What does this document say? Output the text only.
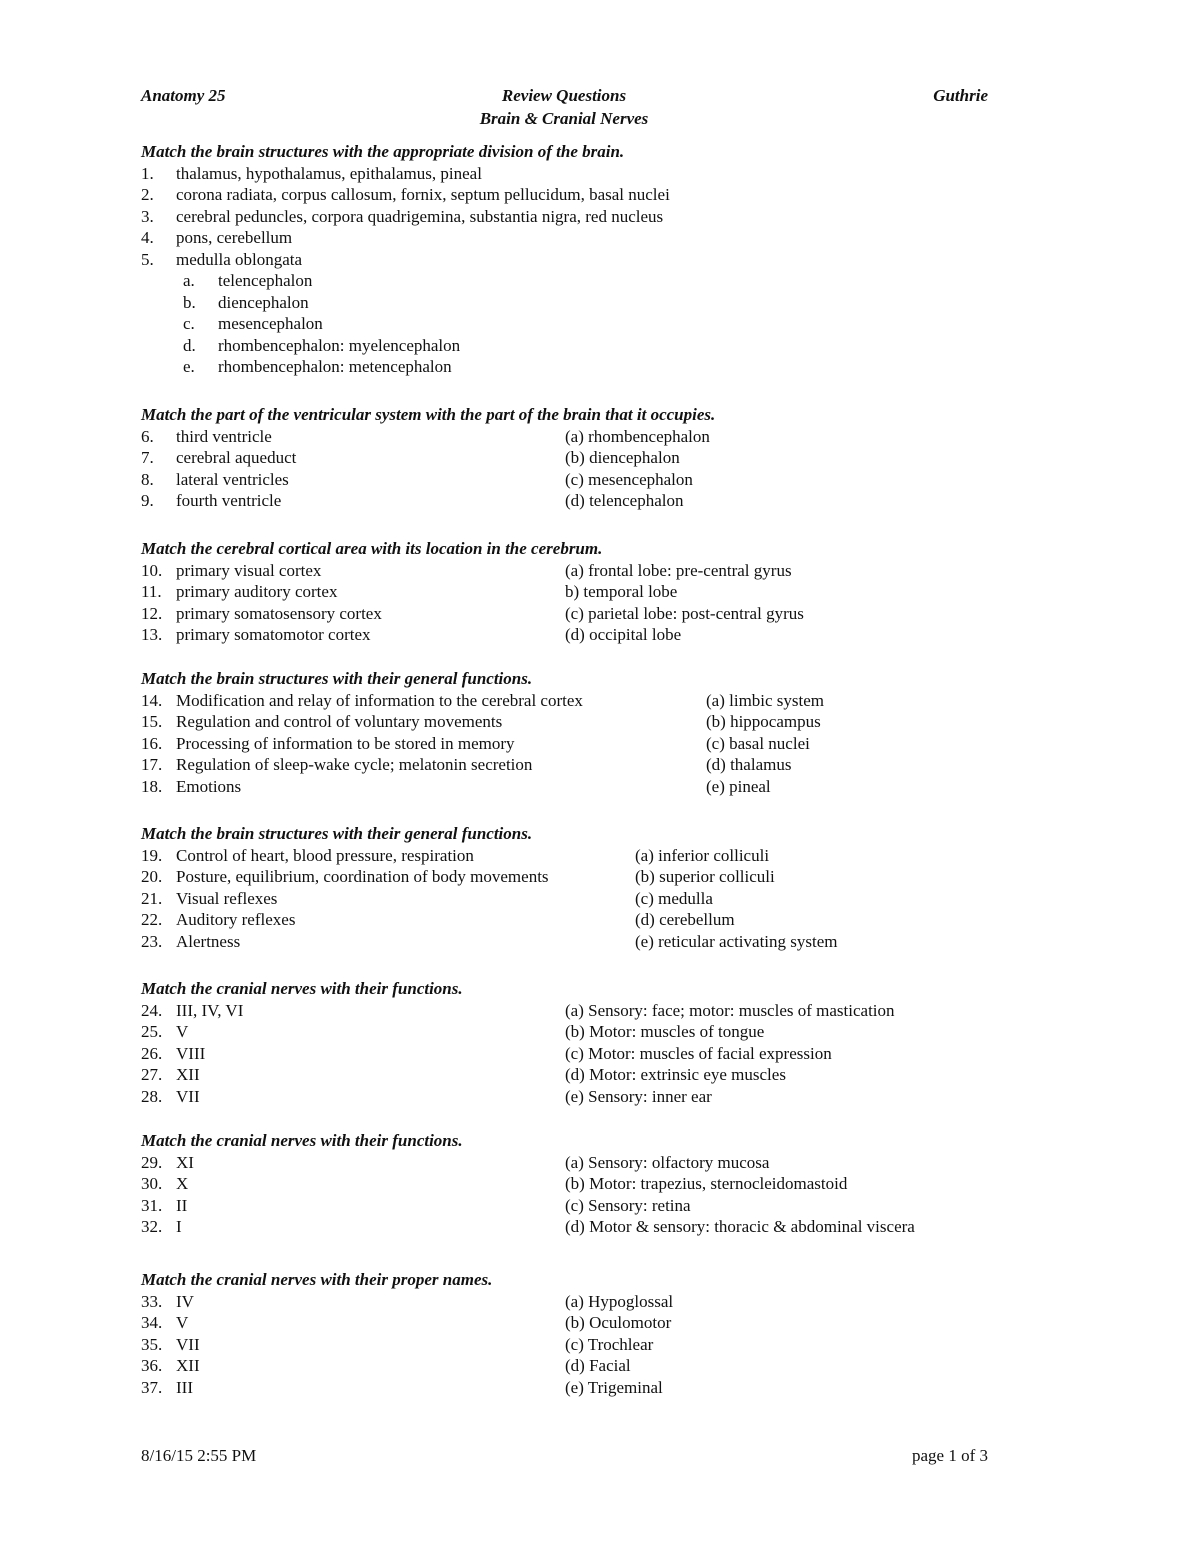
Anatomy 25	Review Questions	Guthrie
Brain & Cranial Nerves
Match the brain structures with the appropriate division of the brain.
1. thalamus, hypothalamus, epithalamus, pineal
2. corona radiata, corpus callosum, fornix, septum pellucidum, basal nuclei
3. cerebral peduncles, corpora quadrigemina, substantia nigra, red nucleus
4. pons, cerebellum
5. medulla oblongata
a. telencephalon
b. diencephalon
c. mesencephalon
d. rhombencephalon: myelencephalon
e. rhombencephalon: metencephalon
Match the part of the ventricular system with the part of the brain that it occupies.
6. third ventricle	(a) rhombencephalon
7. cerebral aqueduct	(b) diencephalon
8. lateral ventricles	(c) mesencephalon
9. fourth ventricle	(d) telencephalon
Match the cerebral cortical area with its location in the cerebrum.
10. primary visual cortex	(a) frontal lobe: pre-central gyrus
11. primary auditory cortex	b) temporal lobe
12. primary somatosensory cortex	(c) parietal lobe: post-central gyrus
13. primary somatomotor cortex	(d) occipital lobe
Match the brain structures with their general functions.
14. Modification and relay of information to the cerebral cortex	(a) limbic system
15. Regulation and control of voluntary movements	(b) hippocampus
16. Processing of information to be stored in memory	(c) basal nuclei
17. Regulation of sleep-wake cycle; melatonin secretion	(d) thalamus
18. Emotions	(e) pineal
Match the brain structures with their general functions.
19. Control of heart, blood pressure, respiration	(a) inferior colliculi
20. Posture, equilibrium, coordination of body movements	(b) superior colliculi
21. Visual reflexes	(c) medulla
22. Auditory reflexes	(d) cerebellum
23. Alertness	(e) reticular activating system
Match the cranial nerves with their functions.
24. III, IV, VI	(a) Sensory: face; motor: muscles of mastication
25. V	(b) Motor: muscles of tongue
26. VIII	(c) Motor: muscles of facial expression
27. XII	(d) Motor: extrinsic eye muscles
28. VII	(e) Sensory: inner ear
Match the cranial nerves with their functions.
29. XI	(a) Sensory: olfactory mucosa
30. X	(b) Motor: trapezius, sternocleidomastoid
31. II	(c) Sensory: retina
32. I	(d) Motor & sensory: thoracic & abdominal viscera
Match the cranial nerves with their proper names.
33. IV	(a) Hypoglossal
34. V	(b) Oculomotor
35. VII	(c) Trochlear
36. XII	(d) Facial
37. III	(e) Trigeminal
8/16/15 2:55 PM	page 1 of 3
